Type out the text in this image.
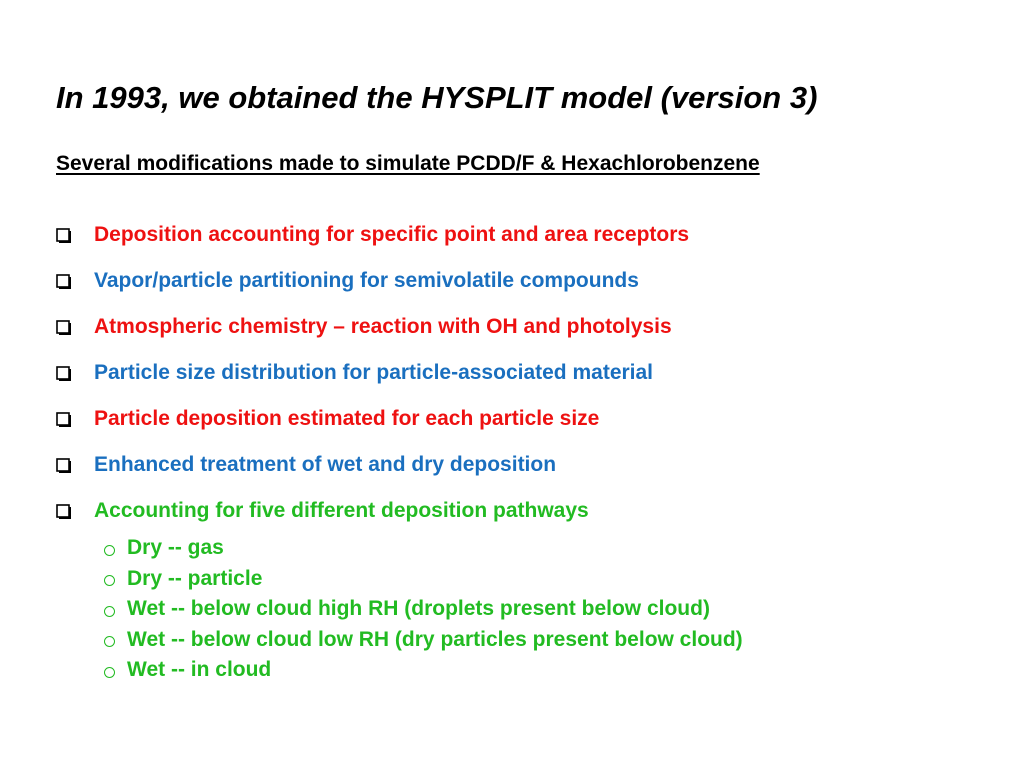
In 1993, we obtained the HYSPLIT model (version 3)
Several modifications made to simulate PCDD/F & Hexachlorobenzene
Deposition accounting for specific point and area receptors
Vapor/particle partitioning for semivolatile compounds
Atmospheric chemistry – reaction with OH and photolysis
Particle size distribution for particle-associated material
Particle deposition estimated for each particle size
Enhanced treatment of wet and dry deposition
Accounting for five different deposition pathways
Dry -- gas
Dry -- particle
Wet -- below cloud high RH (droplets present below cloud)
Wet -- below cloud low RH (dry particles present below cloud)
Wet -- in cloud
